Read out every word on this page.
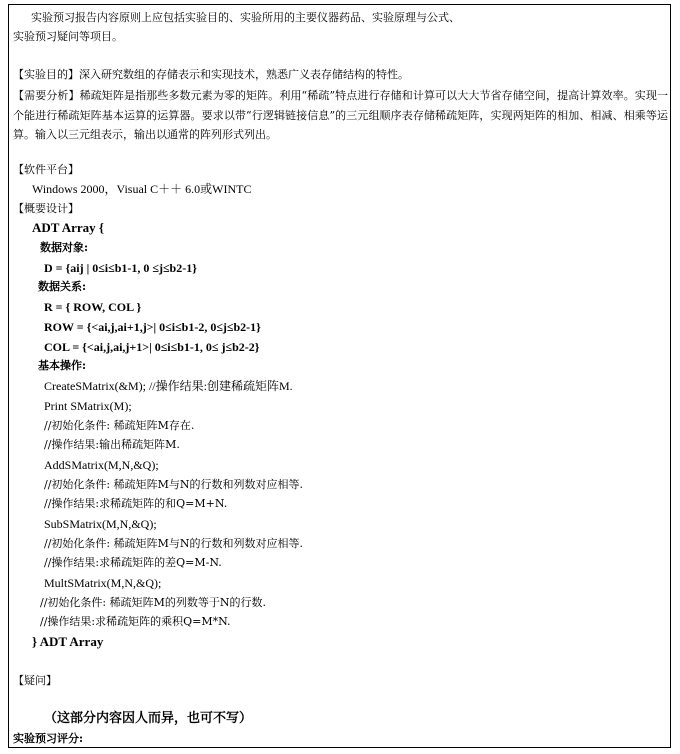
实验预习报告内容原则上应包括实验目的、实验所用的主要仪器药品、实验原理与公式、
实验预习疑问等项目。
【实验目的】深入研究数组的存储表示和实现技术，熟悉广义表存储结构的特性。
【需要分析】稀疏矩阵是指那些多数元素为零的矩阵。利用“稀疏”特点进行存储和计算可以大大节省存储空间，提高计算效率。实现一个能进行稀疏矩阵基本运算的运算器。要求以带“行逻辑链接信息”的三元组顺序表存储稀疏矩阵，实现两矩阵的相加、相减、相乘等运算。输入以三元组表示，输出以通常的阵列形式列出。
【软件平台】
Windows 2000，Visual C＋＋ 6.0或WINTC
【概要设计】
ADT Array {
数据对象:
D = {aij | 0≤i≤b1-1, 0 ≤j≤b2-1}
数据关系:
R = { ROW, COL }
ROW = {<ai,j,ai+1,j>| 0≤i≤b1-2, 0≤j≤b2-1}
COL = {<ai,j,ai,j+1>| 0≤i≤b1-1, 0≤ j≤b2-2}
基本操作:
CreateSMatrix(&M); //操作结果:创建稀疏矩阵M.
Print SMatrix(M);
//初始化条件: 稀疏矩阵M存在.
//操作结果:输出稀疏矩阵M.
AddSMatrix(M,N,&Q);
//初始化条件: 稀疏矩阵M与N的行数和列数对应相等.
//操作结果:求稀疏矩阵的和Q=M+N.
SubSMatrix(M,N,&Q);
//初始化条件: 稀疏矩阵M与N的行数和列数对应相等.
//操作结果:求稀疏矩阵的差Q=M-N.
MultSMatrix(M,N,&Q);
//初始化条件: 稀疏矩阵M的列数等于N的行数.
//操作结果:求稀疏矩阵的乘积Q=M*N.
} ADT Array
【疑问】
（这部分内容因人而异，也可不写）
实验预习评分:
